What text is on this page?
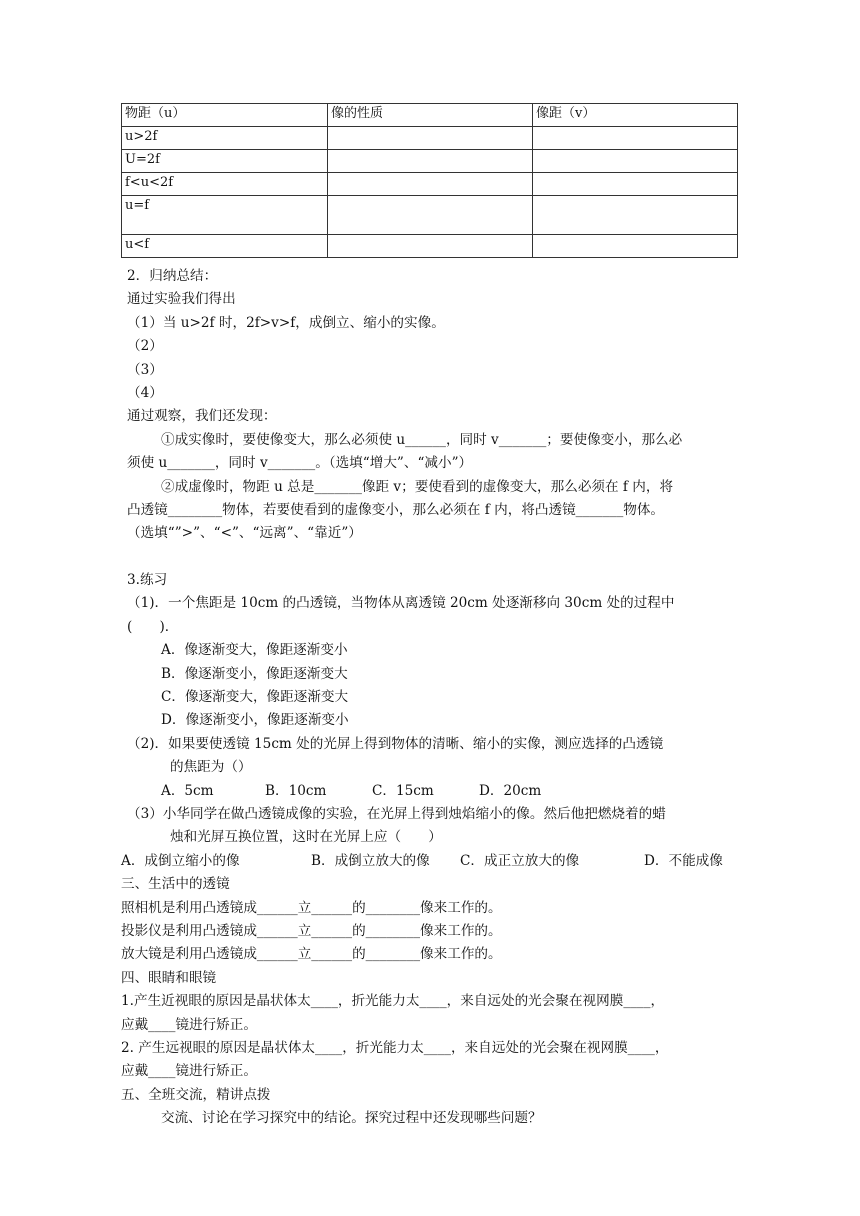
物距（u）	像的性质	像距（v）
u>2f		
U=2f		
f<u<2f		
u=f		
u<f		

2．归纳总结：

通过实验我们得出

（1）当 u>2f 时，2f>v>f，成倒立、缩小的实像。

（2）

（3）

（4）

通过观察，我们还发现：

①成实像时，要使像变大，那么必须使 u______，同时 v_______；要使像变小，那么必

须使 u_______，同时 v_______。（选填“增大”、“减小”）

②成虚像时，物距 u 总是_______像距 v；要使看到的虚像变大，那么必须在 f 内，将

凸透镜________物体，若要使看到的虚像变小，那么必须在 f 内，将凸透镜_______物体。

（选填“”>”、“<”、“远离”、“靠近”）

3.练习

（1)．一个焦距是 10cm 的凸透镜，当物体从离透镜 20cm 处逐渐移向 30cm 处的过程中

(　　)．

A．像逐渐变大，像距逐渐变小

B．像逐渐变小，像距逐渐变大

C．像逐渐变大，像距逐渐变大

D．像逐渐变小，像距逐渐变小

（2)．如果要使透镜 15cm 处的光屏上得到物体的清晰、缩小的实像，测应选择的凸透镜

的焦距为（）

A．5cm	B．10cm	C．15cm	D．20cm

（3）小华同学在做凸透镜成像的实验，在光屏上得到烛焰缩小的像。然后他把燃烧着的蜡

烛和光屏互换位置，这时在光屏上应（　　）

A．成倒立缩小的像	B．成倒立放大的像	C．成正立放大的像	D．不能成像

三、生活中的透镜

照相机是利用凸透镜成______立______的________像来工作的。

投影仪是利用凸透镜成______立______的________像来工作的。

放大镜是利用凸透镜成______立______的________像来工作的。

四、眼睛和眼镜

1.产生近视眼的原因是晶状体太____，折光能力太____，来自远处的光会聚在视网膜____，

应戴____镜进行矫正。

2. 产生远视眼的原因是晶状体太____，折光能力太____，来自远处的光会聚在视网膜____，

应戴____镜进行矫正。

五、全班交流，精讲点拨

交流、讨论在学习探究中的结论。探究过程中还发现哪些问题？
